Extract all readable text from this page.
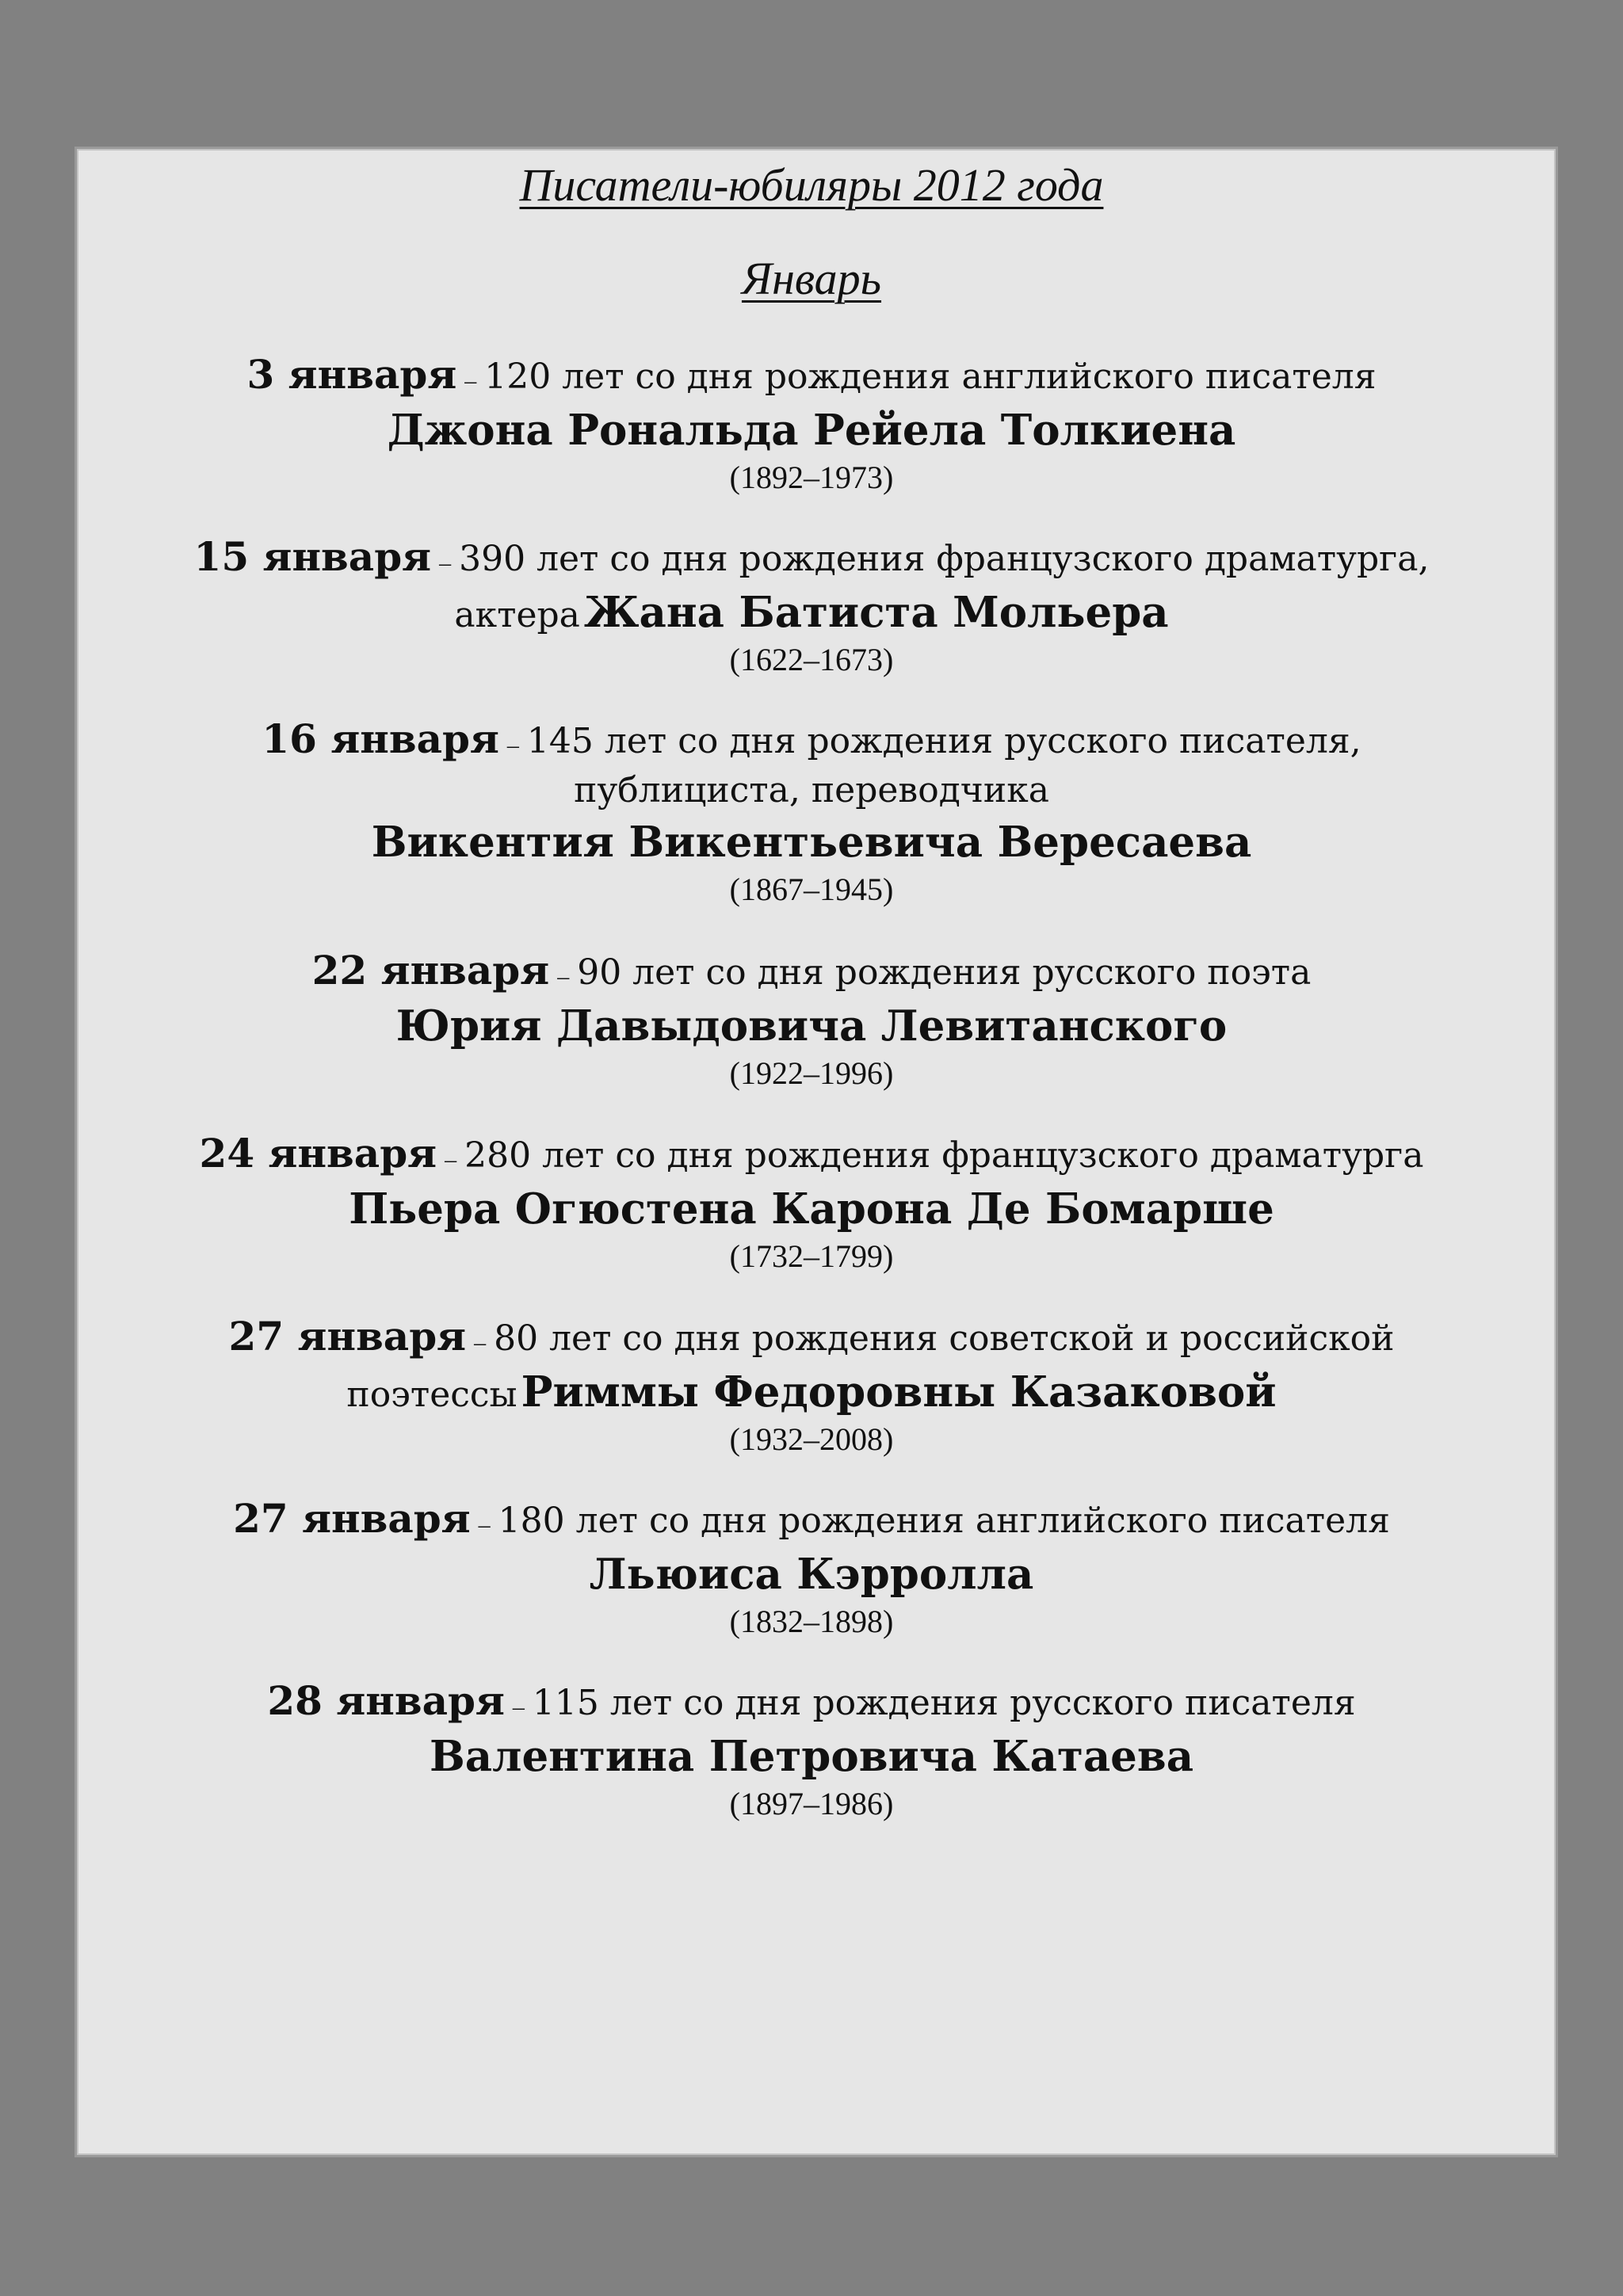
Писатели-юбиляры 2012 года
Январь
3 января – 120 лет со дня рождения английского писателя
Джона Рональда Рейела Толкиена
(1892–1973)
15 января – 390 лет со дня рождения французского драматурга,
актера Жана Батиста Мольера
(1622–1673)
16 января – 145 лет со дня рождения русского писателя,
публициста, переводчика
Викентия Викентьевича Вересаева
(1867–1945)
22 января – 90 лет со дня рождения русского поэта
Юрия Давыдовича Левитанского
(1922–1996)
24 января – 280 лет со дня рождения французского драматурга
Пьера Огюстена Карона Де Бомарше
(1732–1799)
27 января – 80 лет со дня рождения советской и российской
поэтессы Риммы Федоровны Казаковой
(1932–2008)
27 января – 180 лет со дня рождения английского писателя
Льюиса Кэрролла
(1832–1898)
28 января – 115 лет со дня рождения русского писателя
Валентина Петровича Катаева
(1897–1986)
